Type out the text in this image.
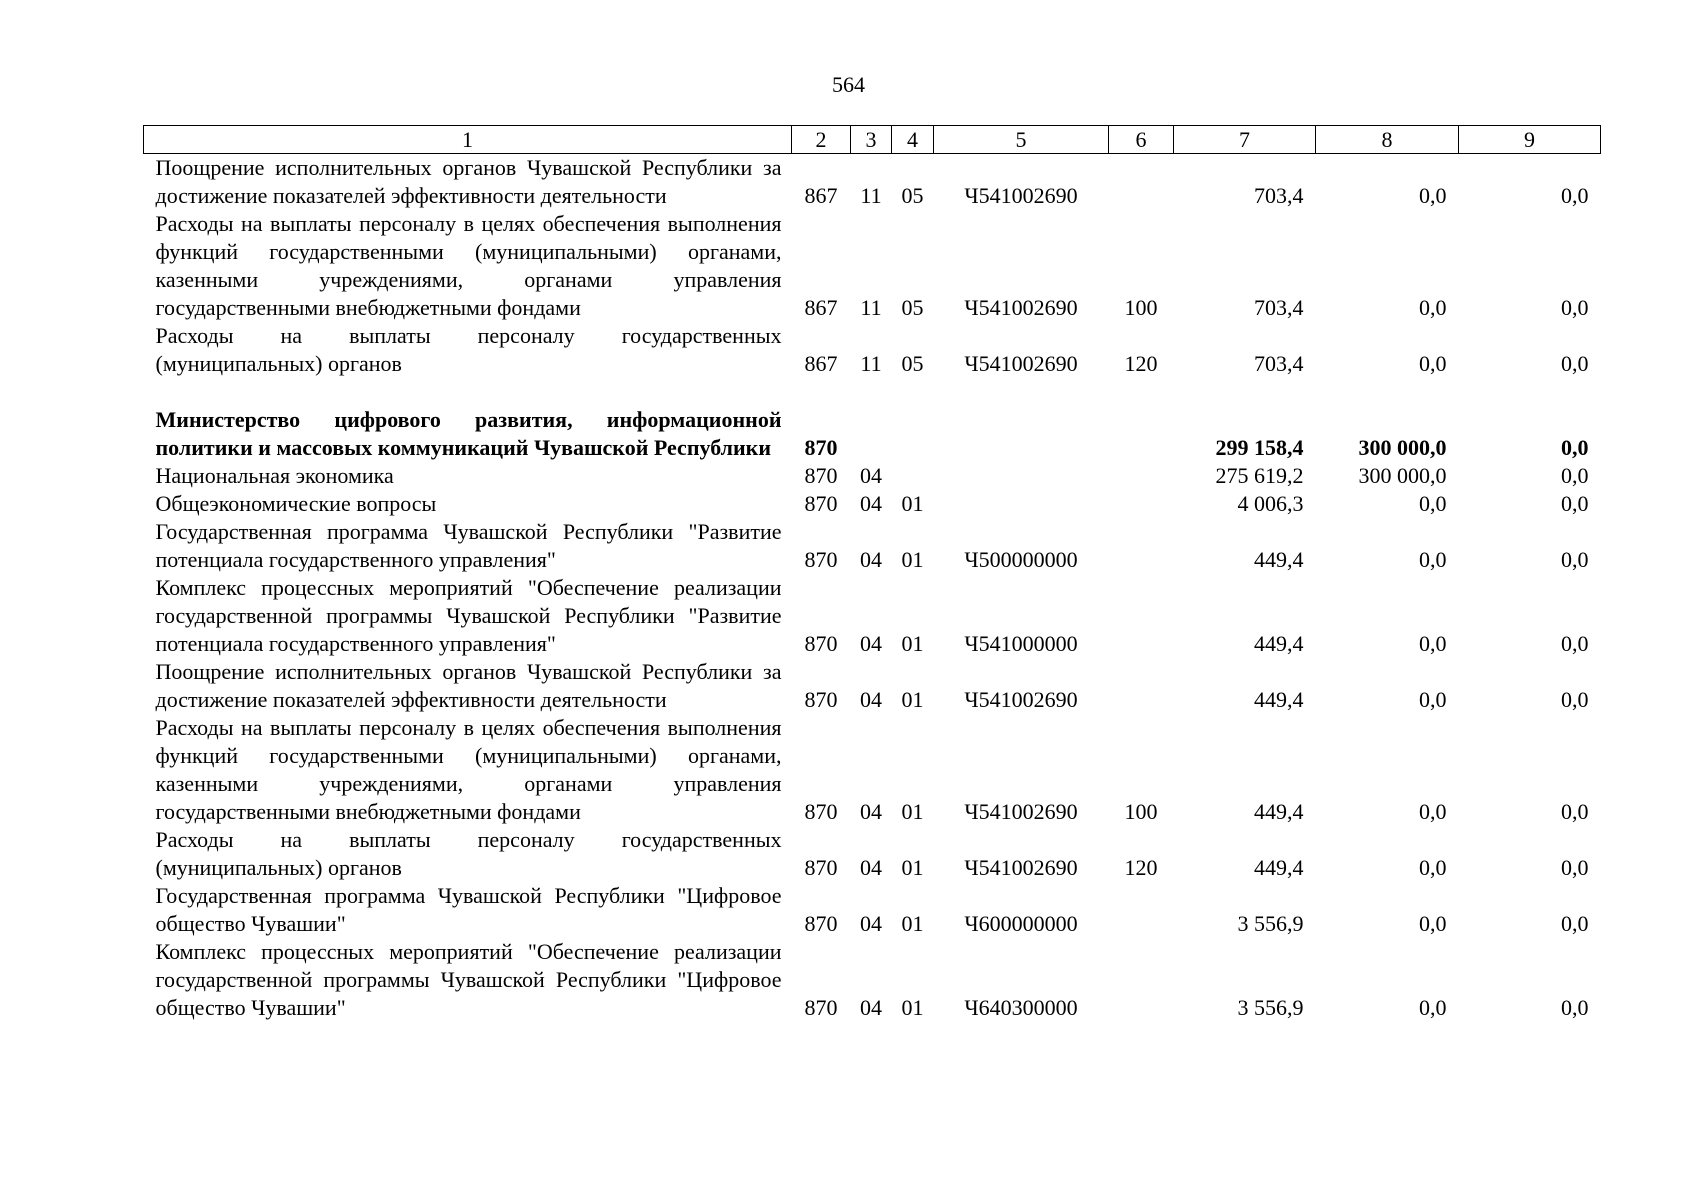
564
1	2	3	4	5	6	7	8	9
Поощрение исполнительных органов Чувашской Республики за достижение показателей эффективности деятельности	867	11	05	Ч541002690		703,4	0,0	0,0
Расходы на выплаты персоналу в целях обеспечения выполнения функций государственными (муниципальными) органами, казенными учреждениями, органами управления государственными внебюджетными фондами	867	11	05	Ч541002690	100	703,4	0,0	0,0
Расходы на выплаты персоналу государственных (муниципальных) органов	867	11	05	Ч541002690	120	703,4	0,0	0,0

Министерство цифрового развития, информационной политики и массовых коммуникаций Чувашской Республики	870					299 158,4	300 000,0	0,0
Национальная экономика	870	04				275 619,2	300 000,0	0,0
Общеэкономические вопросы	870	04	01			4 006,3	0,0	0,0
Государственная программа Чувашской Республики "Развитие потенциала государственного управления"	870	04	01	Ч500000000		449,4	0,0	0,0
Комплекс процессных мероприятий "Обеспечение реализации государственной программы Чувашской Республики "Развитие потенциала государственного управления"	870	04	01	Ч541000000		449,4	0,0	0,0
Поощрение исполнительных органов Чувашской Республики за достижение показателей эффективности деятельности	870	04	01	Ч541002690		449,4	0,0	0,0
Расходы на выплаты персоналу в целях обеспечения выполнения функций государственными (муниципальными) органами, казенными учреждениями, органами управления государственными внебюджетными фондами	870	04	01	Ч541002690	100	449,4	0,0	0,0
Расходы на выплаты персоналу государственных (муниципальных) органов	870	04	01	Ч541002690	120	449,4	0,0	0,0
Государственная программа Чувашской Республики "Цифровое общество Чувашии"	870	04	01	Ч600000000		3 556,9	0,0	0,0
Комплекс процессных мероприятий "Обеспечение реализации государственной программы Чувашской Республики "Цифровое общество Чувашии"	870	04	01	Ч640300000		3 556,9	0,0	0,0
